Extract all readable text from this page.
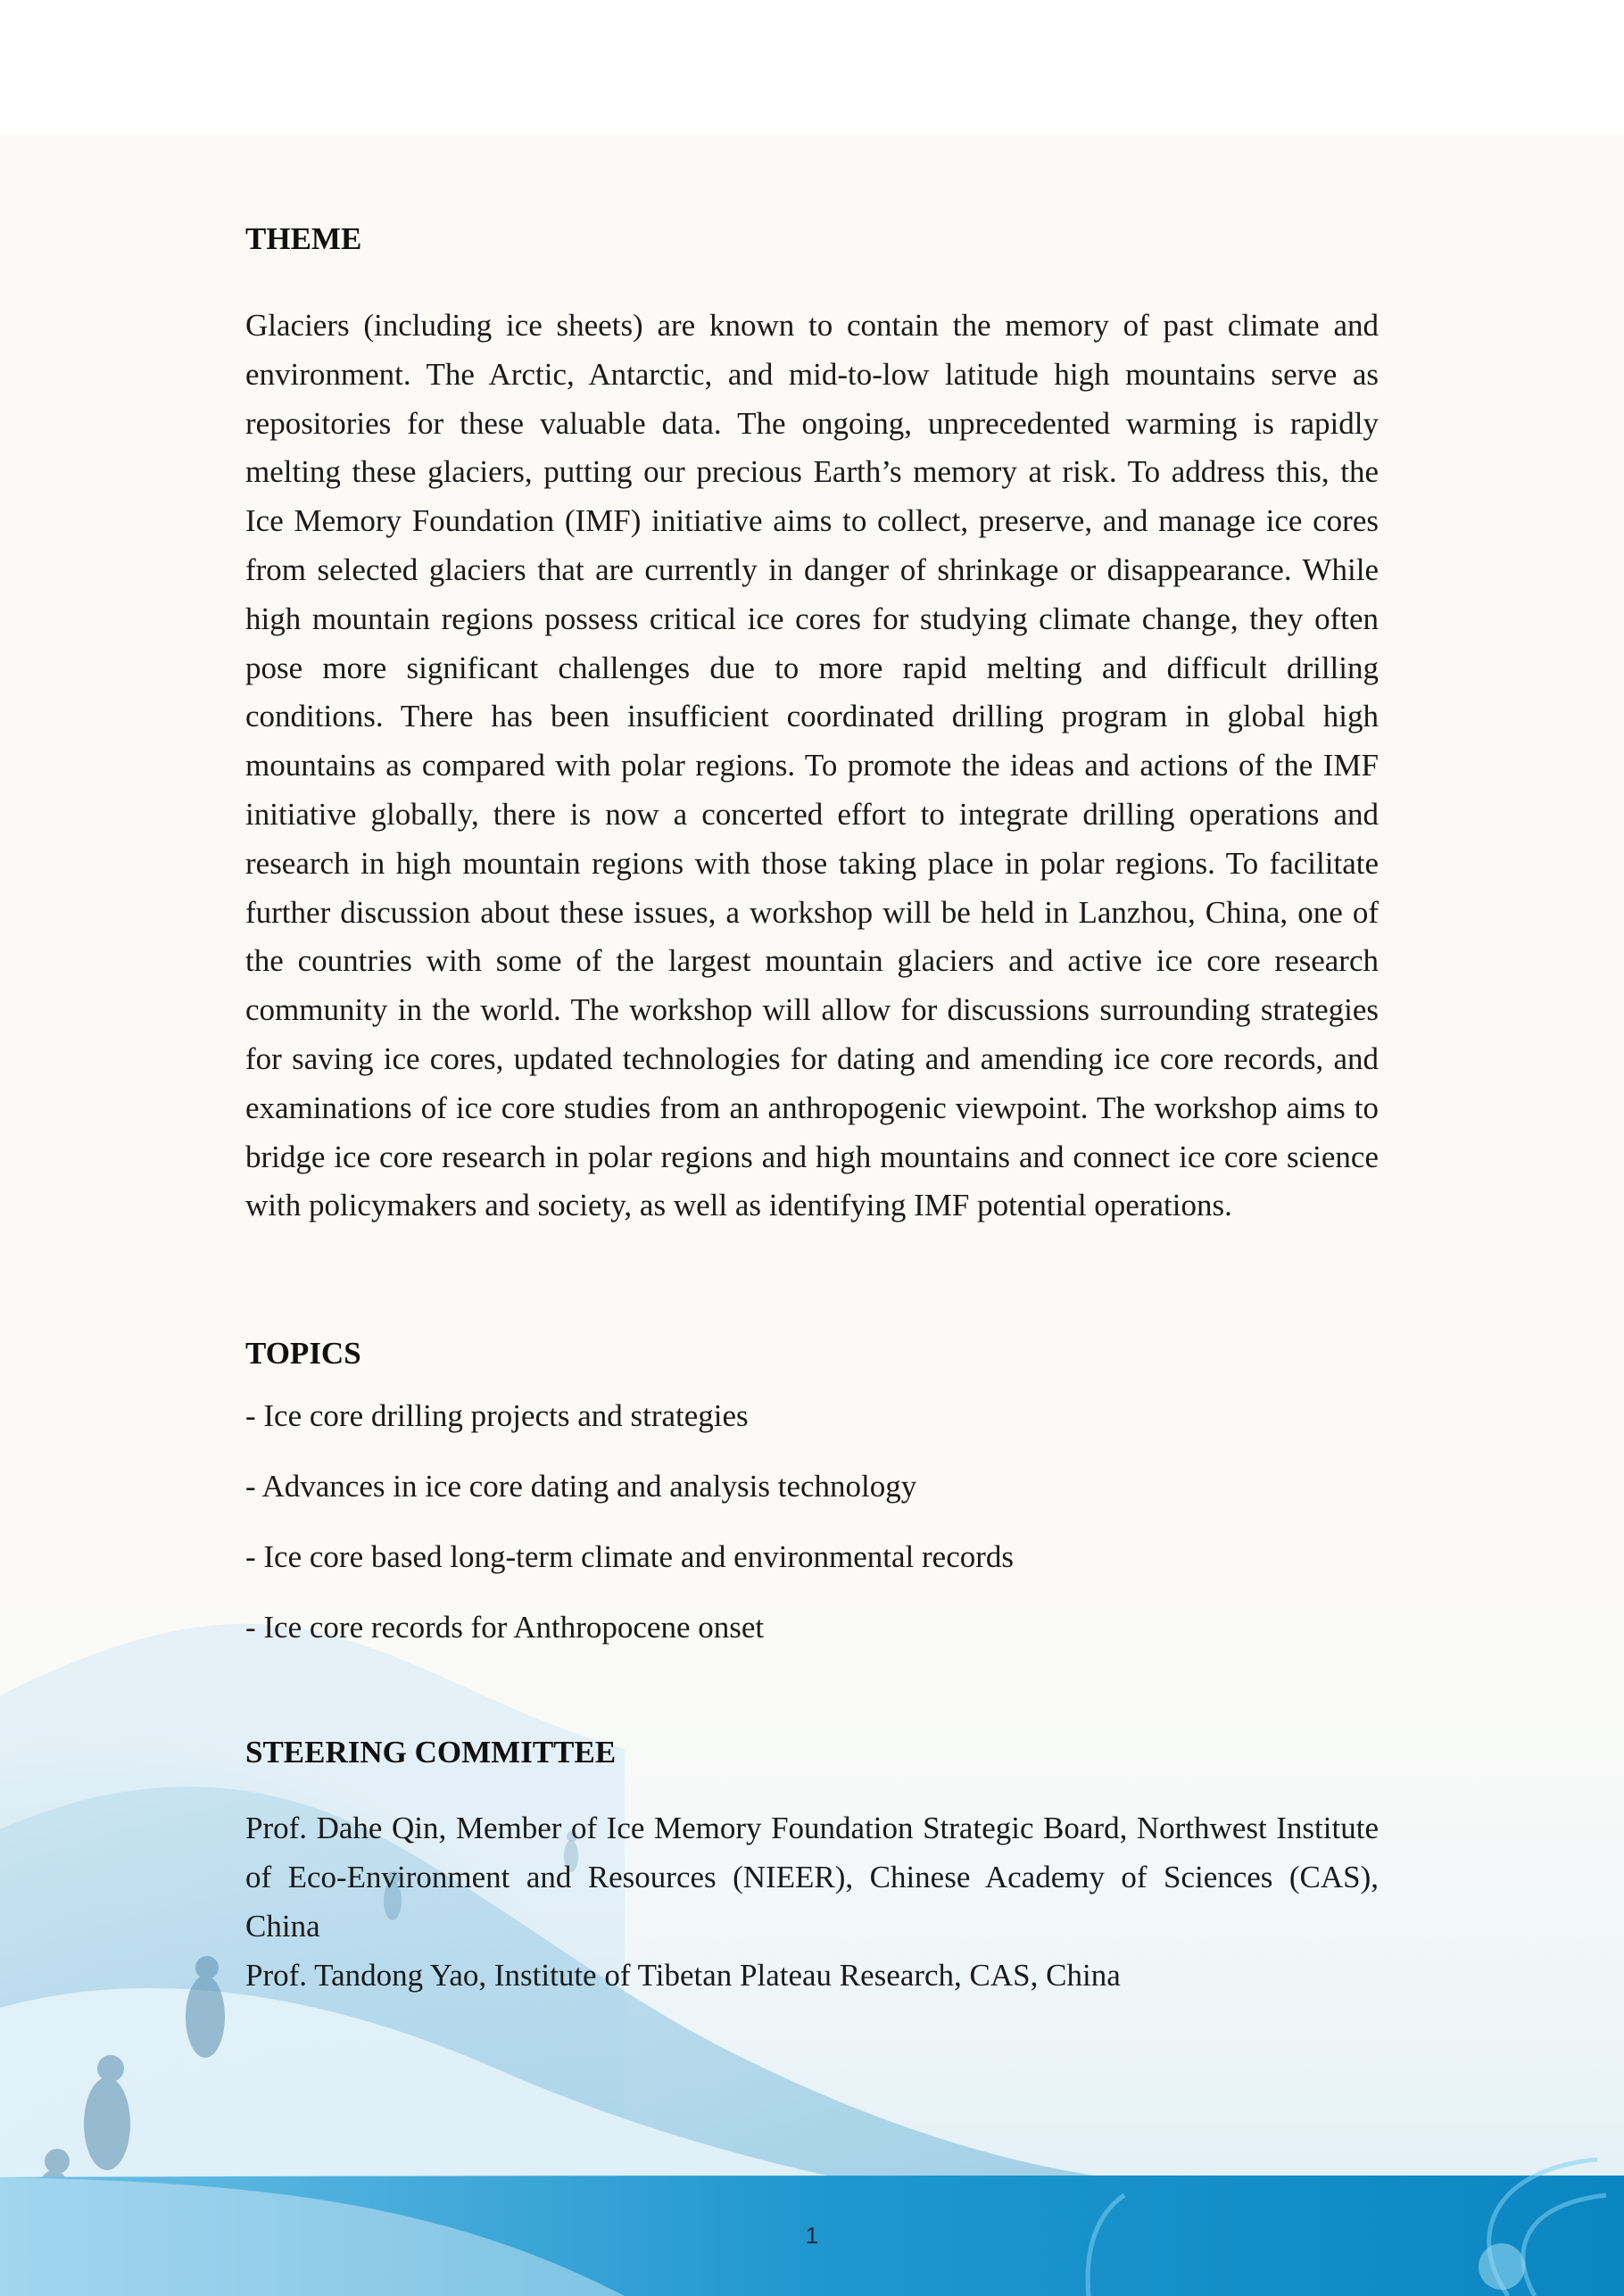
THEME

Glaciers (including ice sheets) are known to contain the memory of past climate and environment. The Arctic, Antarctic, and mid-to-low latitude high mountains serve as repositories for these valuable data. The ongoing, unprecedented warming is rapidly melting these glaciers, putting our precious Earth’s memory at risk. To address this, the Ice Memory Foundation (IMF) initiative aims to collect, preserve, and manage ice cores from selected glaciers that are currently in danger of shrinkage or disappearance. While high mountain regions possess critical ice cores for studying climate change, they often pose more significant challenges due to more rapid melting and difficult drilling conditions. There has been insufficient coordinated drilling program in global high mountains as compared with polar regions. To promote the ideas and actions of the IMF initiative globally, there is now a concerted effort to integrate drilling operations and research in high mountain regions with those taking place in polar regions. To facilitate further discussion about these issues, a workshop will be held in Lanzhou, China, one of the countries with some of the largest mountain glaciers and active ice core research community in the world. The workshop will allow for discussions surrounding strategies for saving ice cores, updated technologies for dating and amending ice core records, and examinations of ice core studies from an anthropogenic viewpoint. The workshop aims to bridge ice core research in polar regions and high mountains and connect ice core science with policymakers and society, as well as identifying IMF potential operations.

TOPICS
- Ice core drilling projects and strategies
- Advances in ice core dating and analysis technology
- Ice core based long-term climate and environmental records
- Ice core records for Anthropocene onset
STEERING COMMITTEE
Prof. Dahe Qin, Member of Ice Memory Foundation Strategic Board, Northwest Institute of Eco-Environment and Resources (NIEER), Chinese Academy of Sciences (CAS), China
Prof. Tandong Yao, Institute of Tibetan Plateau Research, CAS, China
1
